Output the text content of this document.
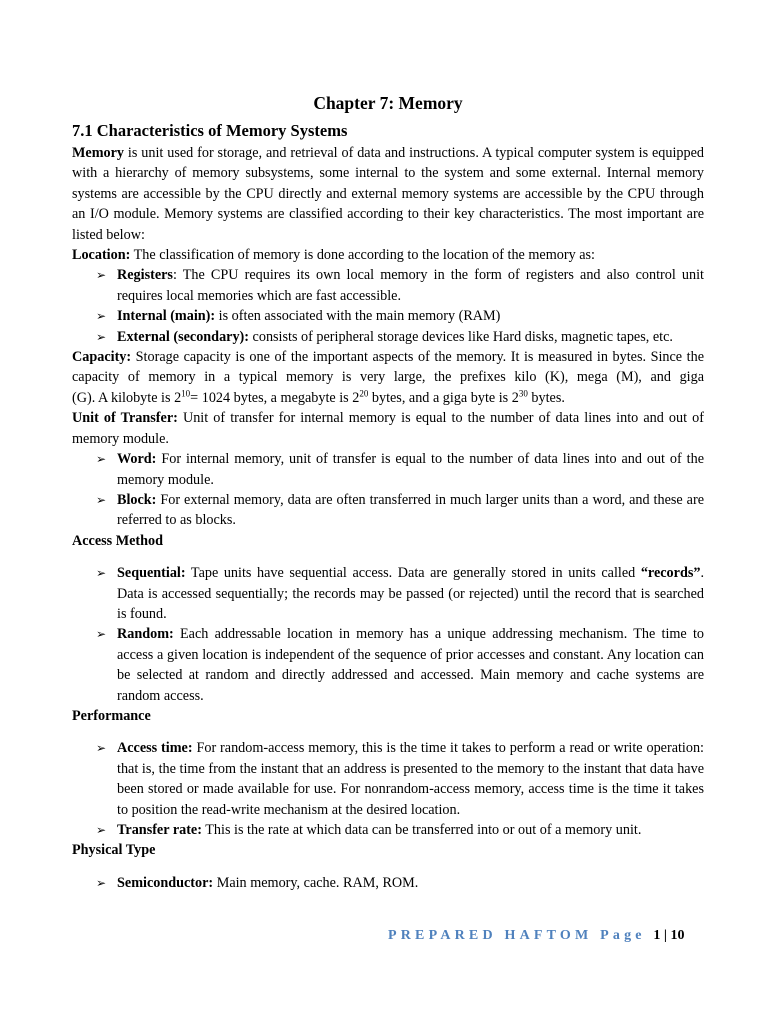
Chapter 7: Memory
7.1 Characteristics of Memory Systems

Memory is unit used for storage, and retrieval of data and instructions. A typical computer system is equipped with a hierarchy of memory subsystems, some internal to the system and some external. Internal memory systems are accessible by the CPU directly and external memory systems are accessible by the CPU through an I/O module. Memory systems are classified according to their key characteristics. The most important are listed below:

Location: The classification of memory is done according to the location of the memory as:

➢ Registers: The CPU requires its own local memory in the form of registers and also control unit requires local memories which are fast accessible.
➢ Internal (main): is often associated with the main memory (RAM)
➢ External (secondary): consists of peripheral storage devices like Hard disks, magnetic tapes, etc.

Capacity: Storage capacity is one of the important aspects of the memory. It is measured in bytes. Since the capacity of memory in a typical memory is very large, the prefixes kilo (K), mega (M), and giga

(G). A kilobyte is $2^{10}= 1024$ bytes, a megabyte is $2^{20}$ bytes, and a giga byte is $2^{30}$ bytes.

Unit of Transfer: Unit of transfer for internal memory is equal to the number of data lines into and out of memory module.

➢ Word: For internal memory, unit of transfer is equal to the number of data lines into and out of the memory module.
➢ Block: For external memory, data are often transferred in much larger units than a word, and these are referred to as blocks.
Access Method
➢ Sequential: Tape units have sequential access. Data are generally stored in units called “records”. Data is accessed sequentially; the records may be passed (or rejected) until the record that is searched is found.
➢ Random: Each addressable location in memory has a unique addressing mechanism. The time to access a given location is independent of the sequence of prior accesses and constant. Any location can be selected at random and directly addressed and accessed. Main memory and cache systems are random access.
Performance
➢ Access time: For random-access memory, this is the time it takes to perform a read or write operation: that is, the time from the instant that an address is presented to the memory to the instant that data have been stored or made available for use. For nonrandom-access memory, access time is the time it takes to position the read-write mechanism at the desired location.
➢ Transfer rate: This is the rate at which data can be transferred into or out of a memory unit.
Physical Type
➢ Semiconductor: Main memory, cache. RAM, ROM.
PREPARED HAFTOM Page 1 | 10
